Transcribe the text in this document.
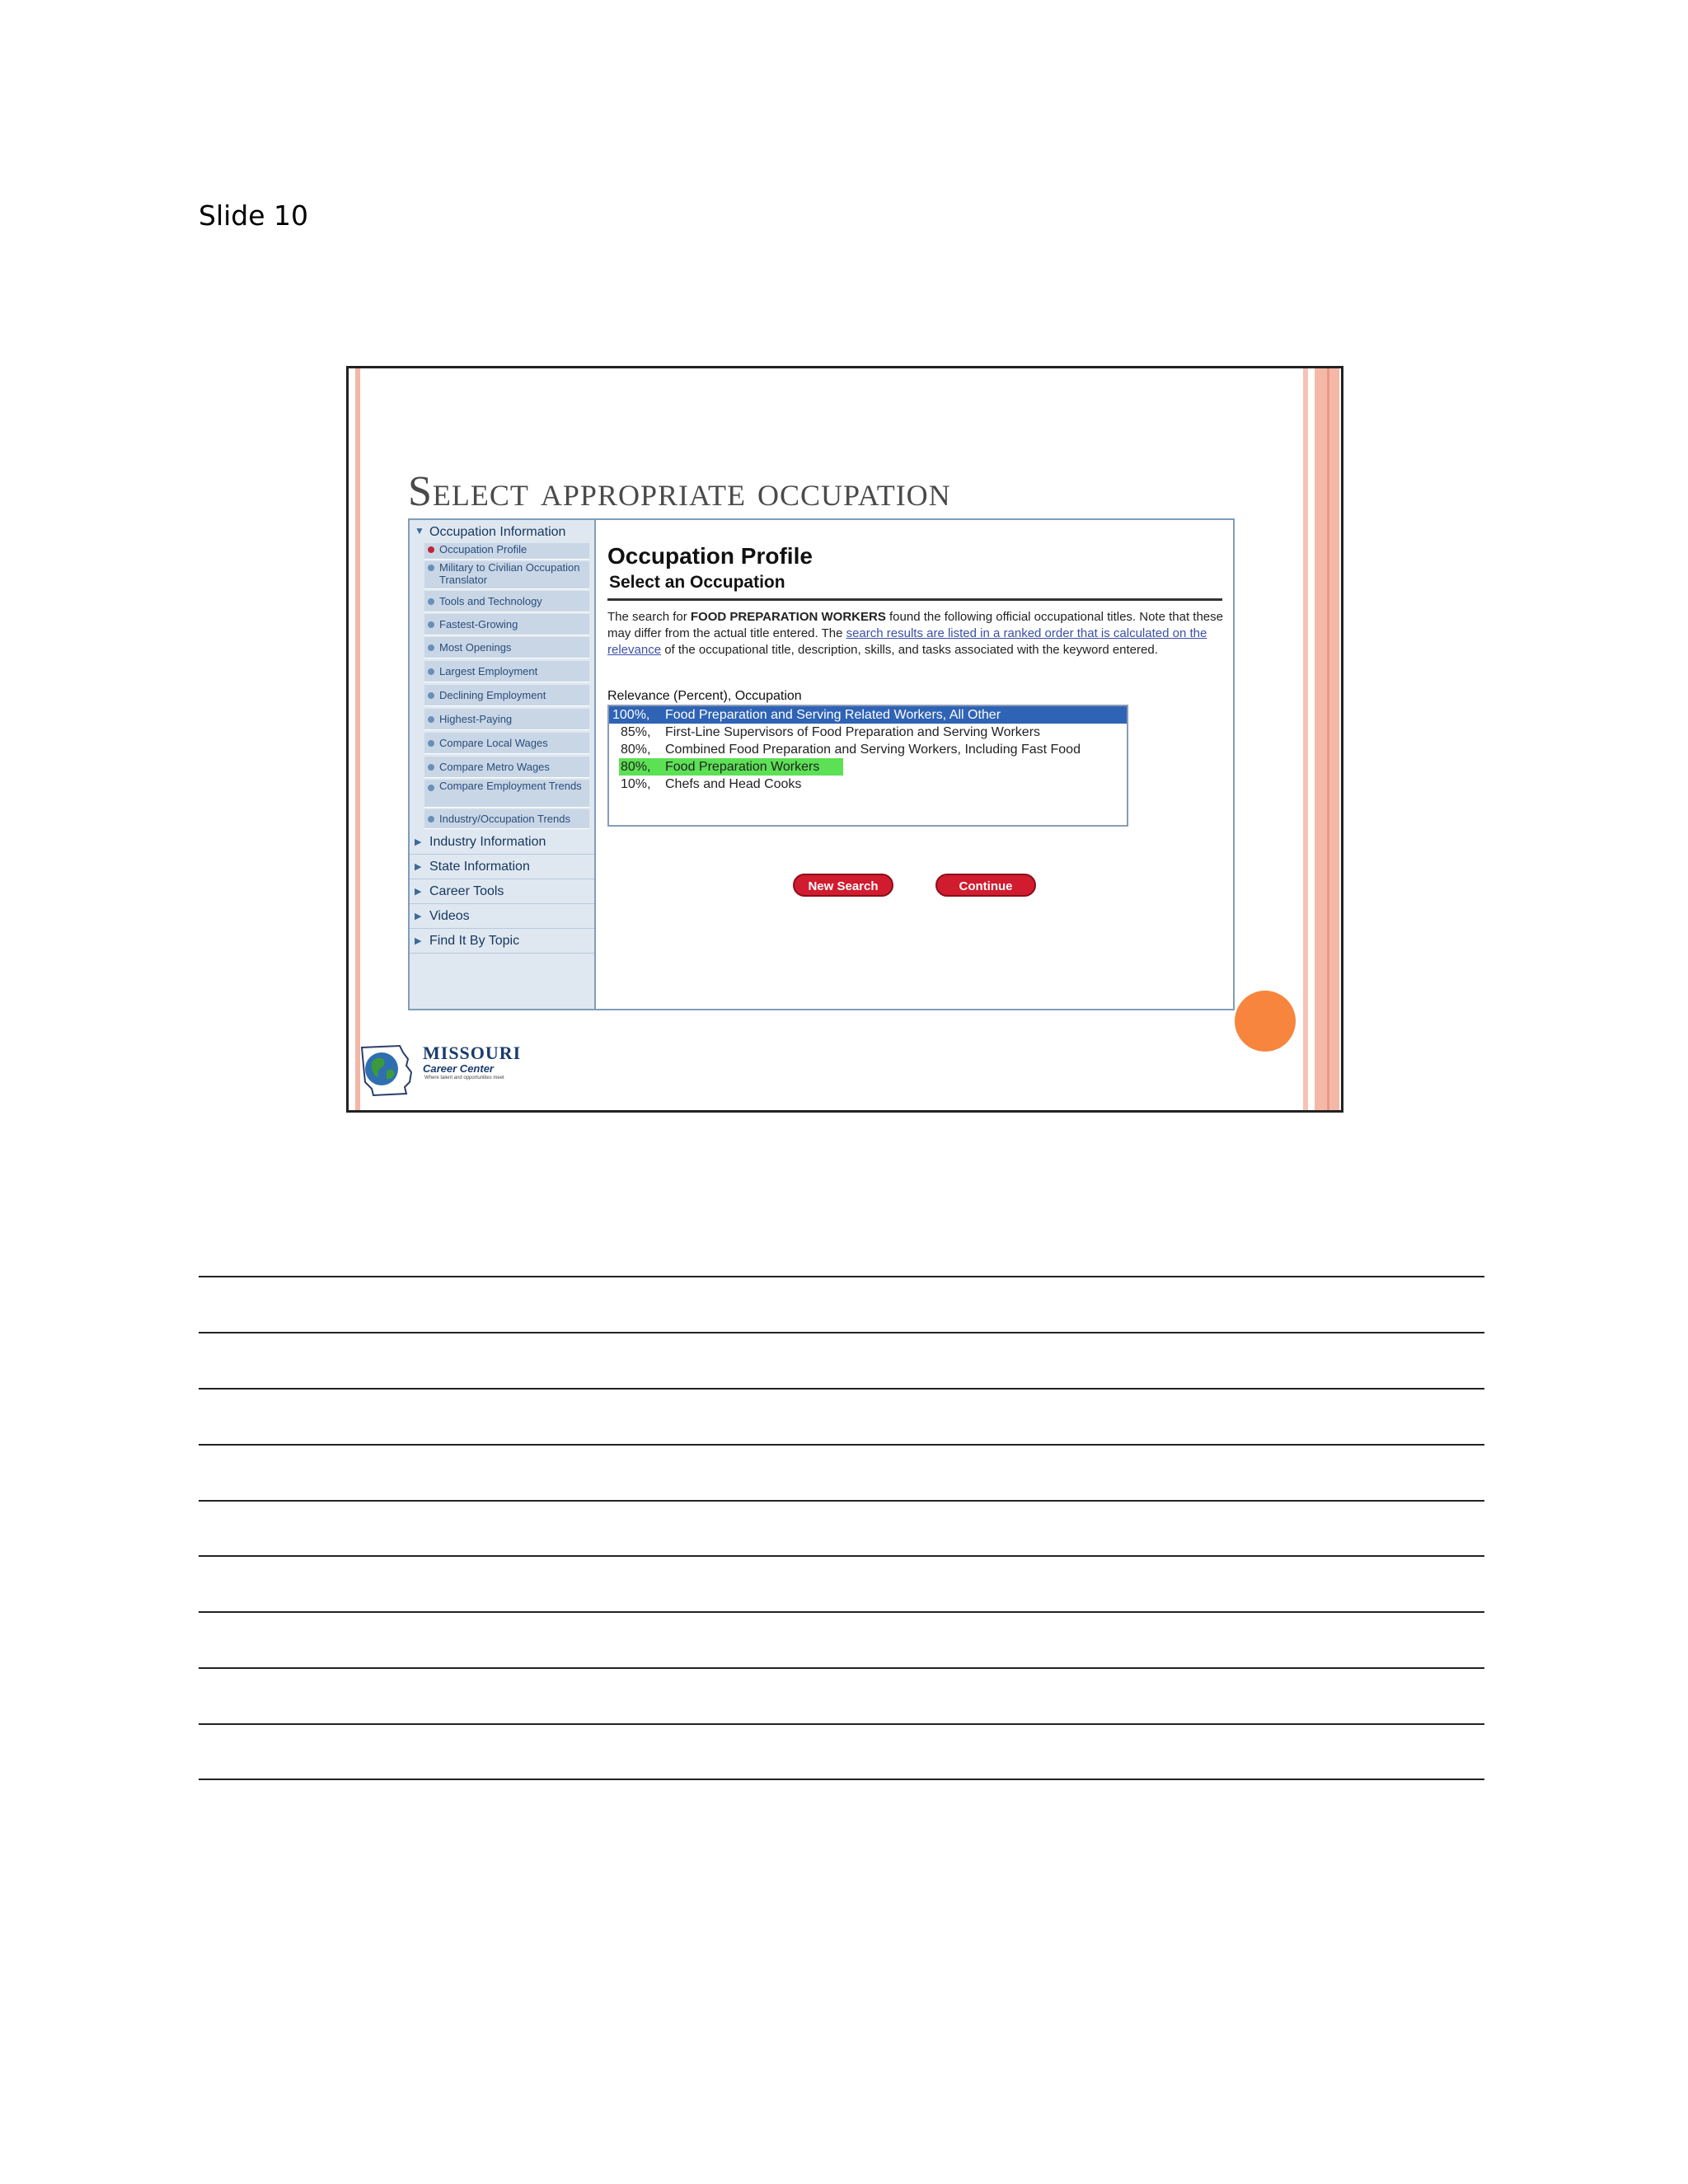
Slide 10
Select appropriate occupation
▼ Occupation Information
Occupation Profile
Military to Civilian Occupation Translator
Tools and Technology
Fastest-Growing
Most Openings
Largest Employment
Declining Employment
Highest-Paying
Compare Local Wages
Compare Metro Wages
Compare Employment Trends
Industry/Occupation Trends
▶ Industry Information
▶ State Information
▶ Career Tools
▶ Videos
▶ Find It By Topic
Occupation Profile
Select an Occupation
The search for FOOD PREPARATION WORKERS found the following official occupational titles. Note that these may differ from the actual title entered. The search results are listed in a ranked order that is calculated on the relevance of the occupational title, description, skills, and tasks associated with the keyword entered.
Relevance (Percent), Occupation
100%, Food Preparation and Serving Related Workers, All Other
85%, First-Line Supervisors of Food Preparation and Serving Workers
80%, Combined Food Preparation and Serving Workers, Including Fast Food
80%, Food Preparation Workers
10%, Chefs and Head Cooks
New Search	Continue
MISSOURI
Career Center
Where talent and opportunities meet
